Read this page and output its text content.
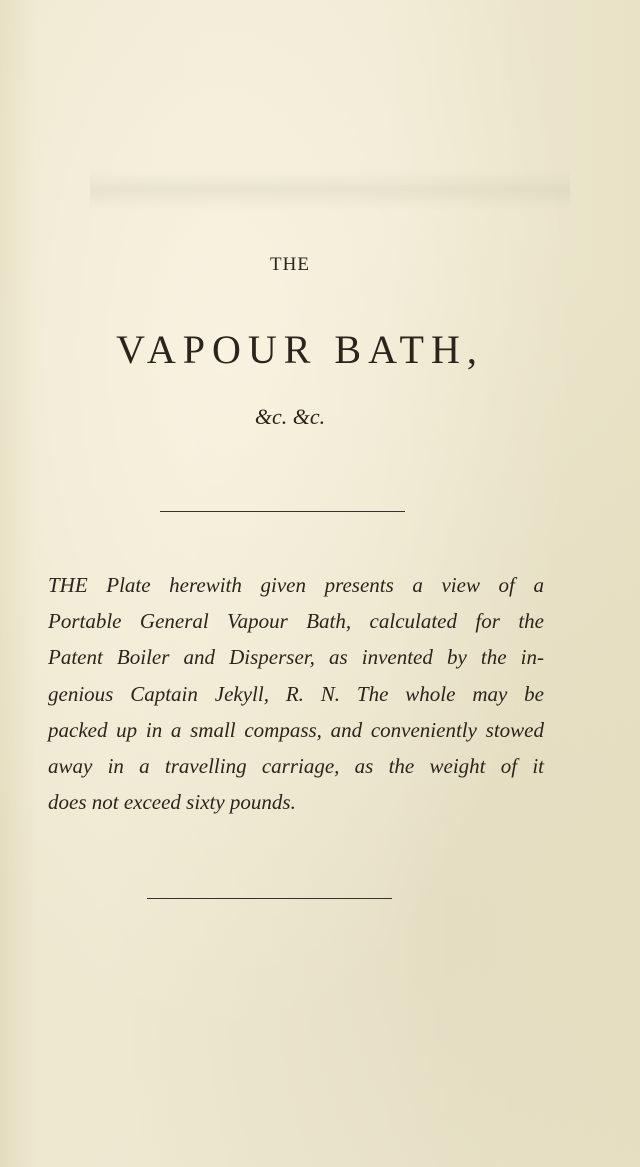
THE
VAPOUR BATH,

&c. &c.

THE Plate herewith given presents a view of a
Portable General Vapour Bath, calculated for the
Patent Boiler and Disperser, as invented by the in-
genious Captain Jekyll, R. N. The whole may be
packed up in a small compass, and conveniently stowed
away in a travelling carriage, as the weight of it
does not exceed sixty pounds.
